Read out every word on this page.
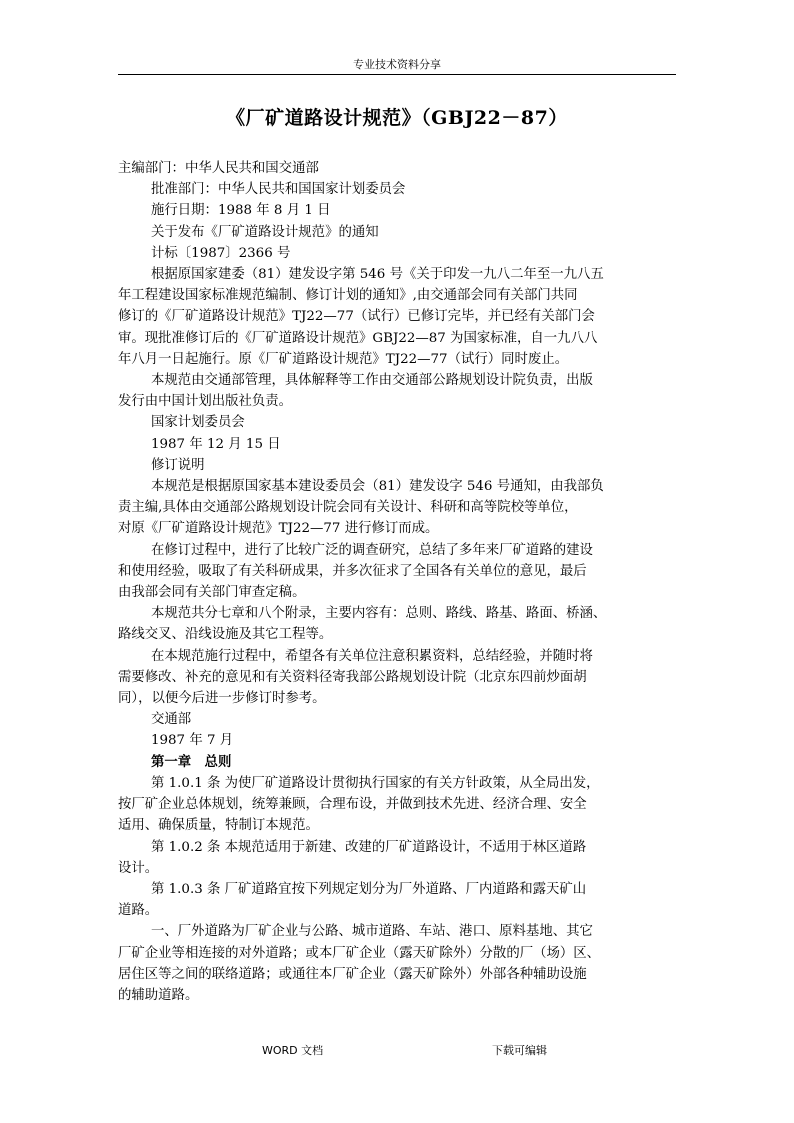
专业技术资料分享
《厂矿道路设计规范》（GBJ22－87）

主编部门：中华人民共和国交通部

批准部门：中华人民共和国国家计划委员会

施行日期：1988 年 8 月 1 日

关于发布《厂矿道路设计规范》的通知

计标〔1987〕2366 号

根据原国家建委（81）建发设字第 546 号《关于印发一九八二年至一九八五

年工程建设国家标准规范编制、修订计划的通知》,由交通部会同有关部门共同

修订的《厂矿道路设计规范》TJ22—77（试行）已修订完毕，并已经有关部门会

审。现批准修订后的《厂矿道路设计规范》GBJ22—87 为国家标准，自一九八八

年八月一日起施行。原《厂矿道路设计规范》TJ22—77（试行）同时废止。

本规范由交通部管理，具体解释等工作由交通部公路规划设计院负责，出版

发行由中国计划出版社负责。

国家计划委员会

1987 年 12 月 15 日

修订说明

本规范是根据原国家基本建设委员会（81）建发设字 546 号通知，由我部负

责主编,具体由交通部公路规划设计院会同有关设计、科研和高等院校等单位，

对原《厂矿道路设计规范》TJ22—77 进行修订而成。

在修订过程中，进行了比较广泛的调查研究，总结了多年来厂矿道路的建设

和使用经验，吸取了有关科研成果，并多次征求了全国各有关单位的意见，最后

由我部会同有关部门审查定稿。

本规范共分七章和八个附录，主要内容有：总则、路线、路基、路面、桥涵、

路线交叉、沿线设施及其它工程等。

在本规范施行过程中，希望各有关单位注意积累资料，总结经验，并随时将

需要修改、补充的意见和有关资料径寄我部公路规划设计院（北京东四前炒面胡

同），以便今后进一步修订时参考。

交通部

1987 年 7 月

第一章　总则

第 1.0.1 条 为使厂矿道路设计贯彻执行国家的有关方针政策，从全局出发，

按厂矿企业总体规划，统筹兼顾，合理布设，并做到技术先进、经济合理、安全

适用、确保质量，特制订本规范。

第 1.0.2 条 本规范适用于新建、改建的厂矿道路设计，不适用于林区道路

设计。

第 1.0.3 条 厂矿道路宜按下列规定划分为厂外道路、厂内道路和露天矿山

道路。

一、厂外道路为厂矿企业与公路、城市道路、车站、港口、原料基地、其它

厂矿企业等相连接的对外道路；或本厂矿企业（露天矿除外）分散的厂（场）区、

居住区等之间的联络道路；或通往本厂矿企业（露天矿除外）外部各种辅助设施

的辅助道路。

WORD 文档	下载可编辑
